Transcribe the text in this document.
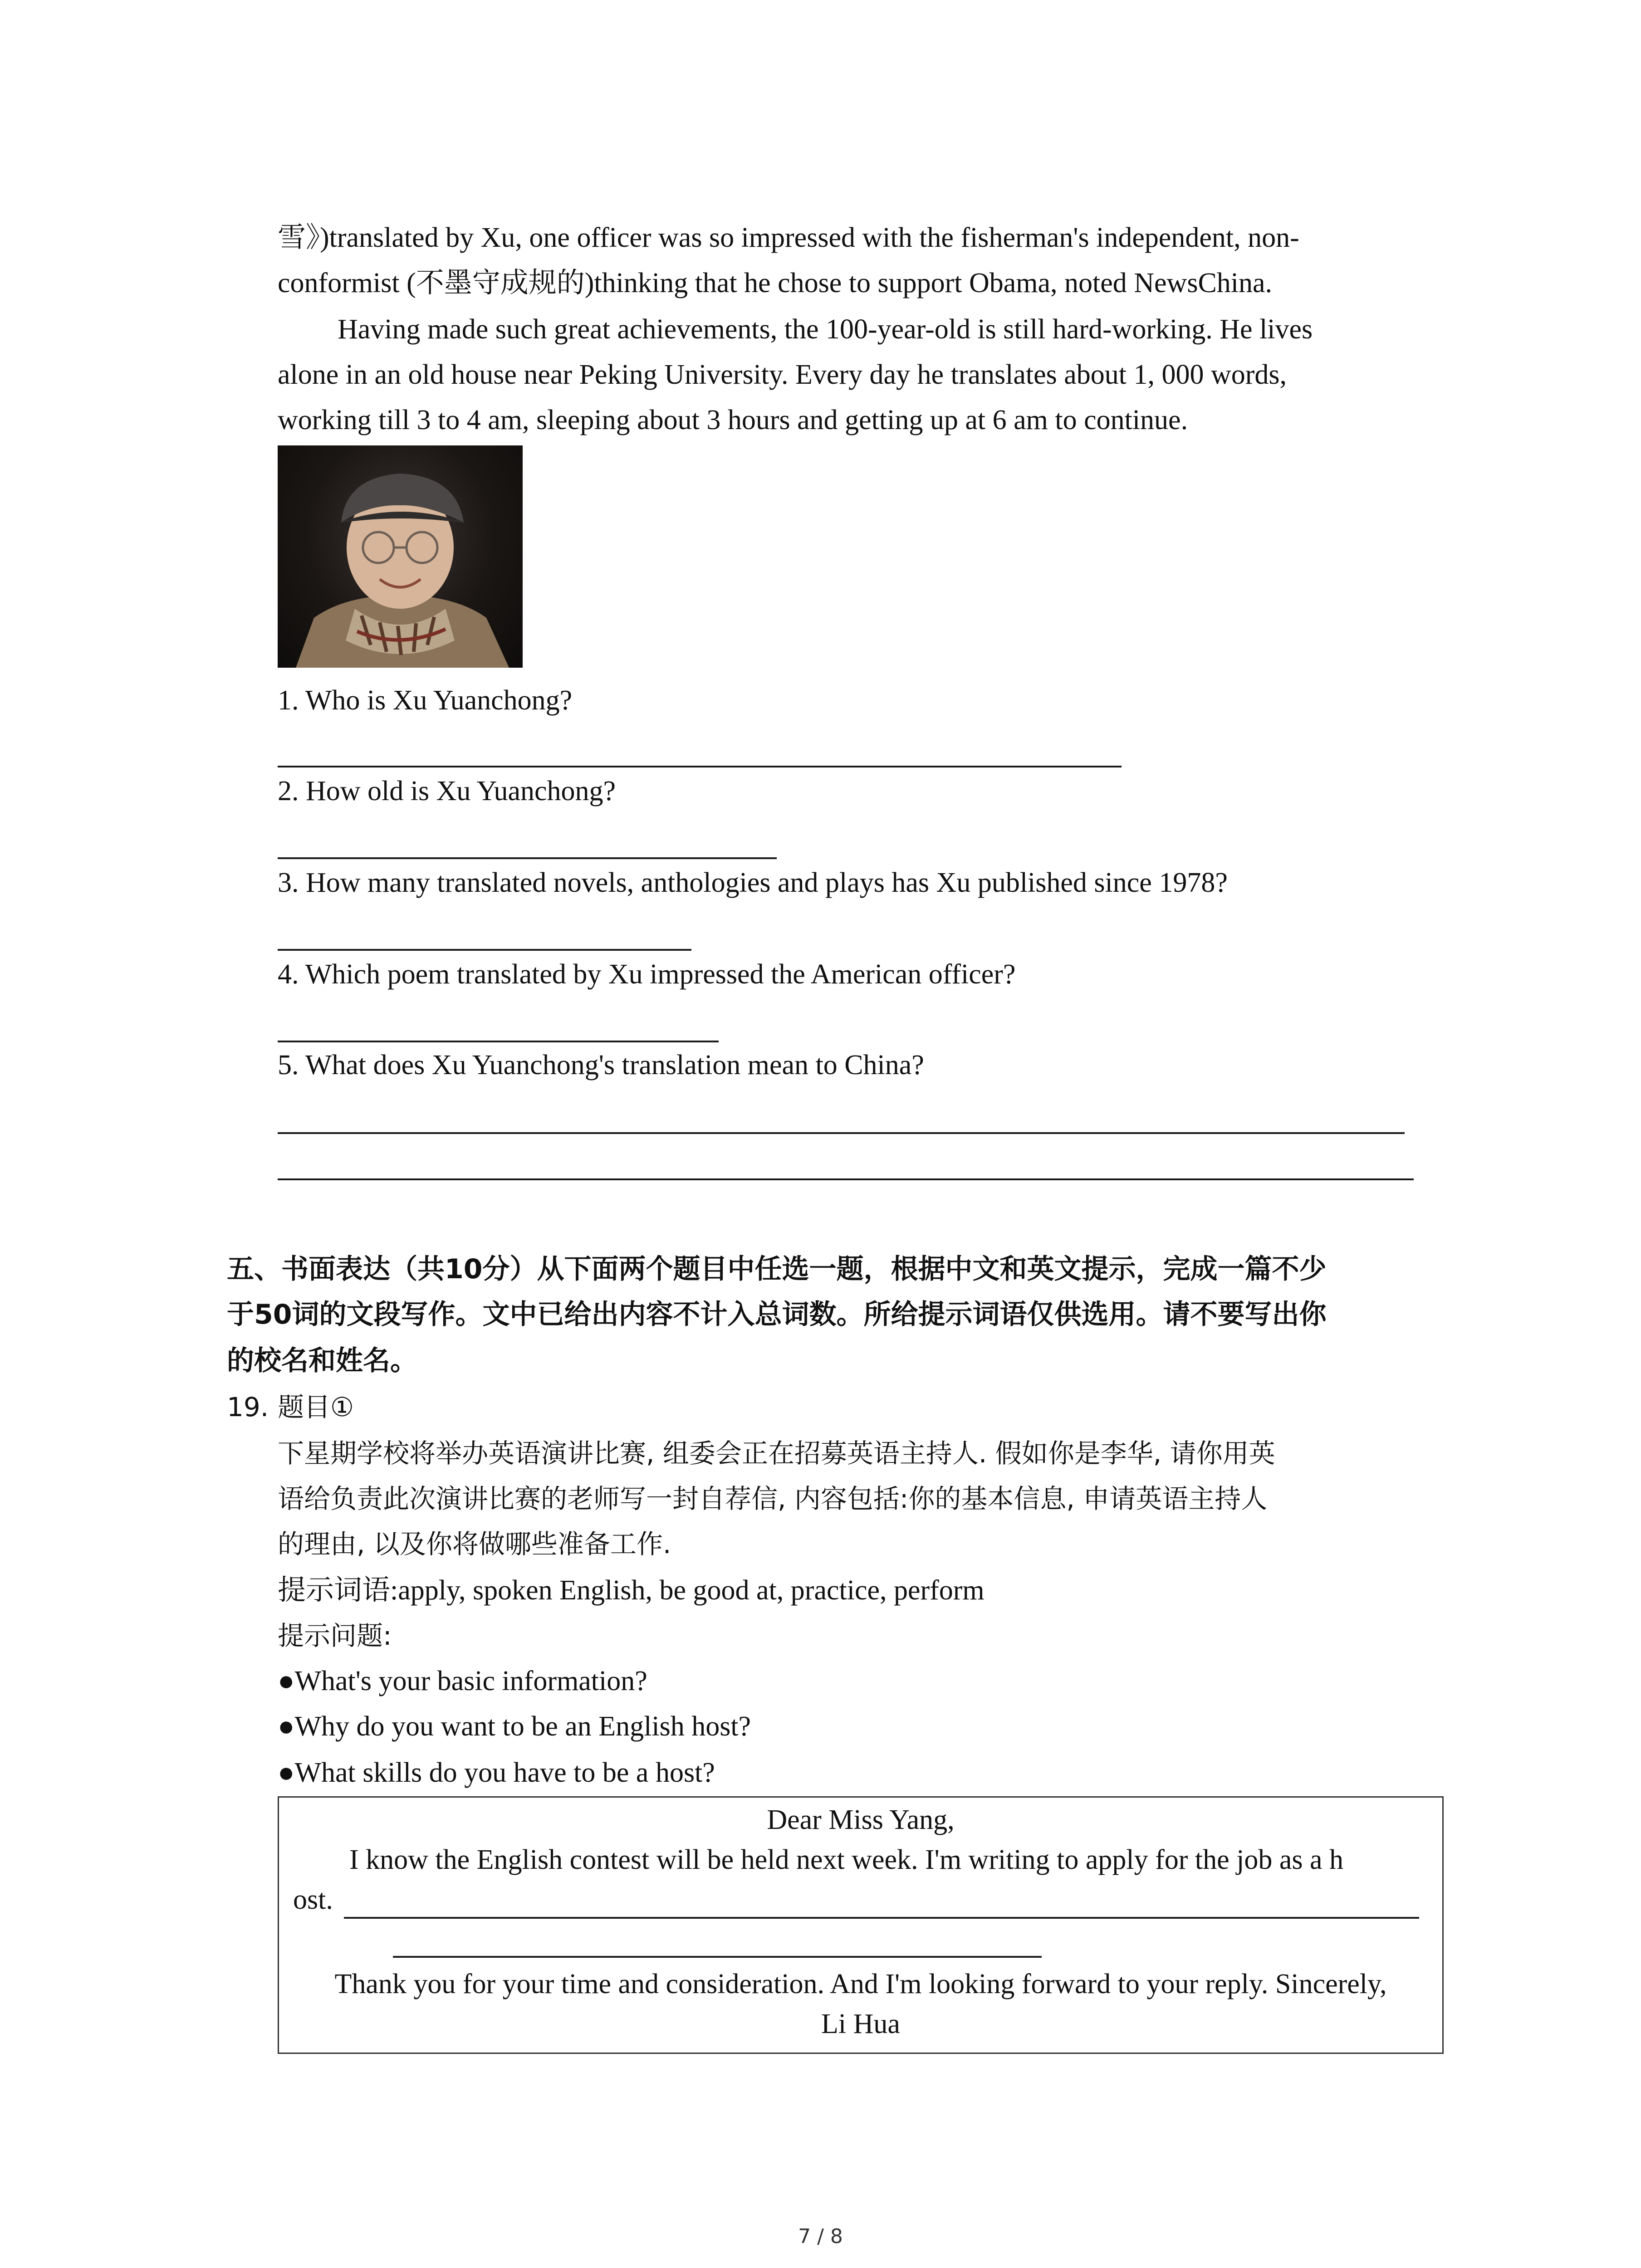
雪》)translated by Xu, one officer was so impressed with the fisherman's independent, non-
conformist (不墨守成规的)thinking that he chose to support Obama, noted NewsChina.
Having made such great achievements, the 100-year-old is still hard-working. He lives
alone in an old house near Peking University. Every day he translates about 1, 000 words,
working till 3 to 4 am, sleeping about 3 hours and getting up at 6 am to continue.
1. Who is Xu Yuanchong?
2. How old is Xu Yuanchong?
3. How many translated novels, anthologies and plays has Xu published since 1978?
4. Which poem translated by Xu impressed the American officer?
5. What does Xu Yuanchong's translation mean to China?
五、书面表达（共10分）从下面两个题目中任选一题，根据中文和英文提示，完成一篇不少
于50词的文段写作。文中已给出内容不计入总词数。所给提示词语仅供选用。请不要写出你
的校名和姓名。
19. 题目①
下星期学校将举办英语演讲比赛, 组委会正在招募英语主持人. 假如你是李华, 请你用英
语给负责此次演讲比赛的老师写一封自荐信, 内容包括:你的基本信息, 申请英语主持人
的理由, 以及你将做哪些准备工作.
提示词语:apply, spoken English, be good at, practice, perform
提示问题:
●What's your basic information?
●Why do you want to be an English host?
●What skills do you have to be a host?
Dear Miss Yang,
I know the English contest will be held next week. I'm writing to apply for the job as a h
ost.
Thank you for your time and consideration. And I'm looking forward to your reply. Sincerely,
Li Hua
7 / 8
